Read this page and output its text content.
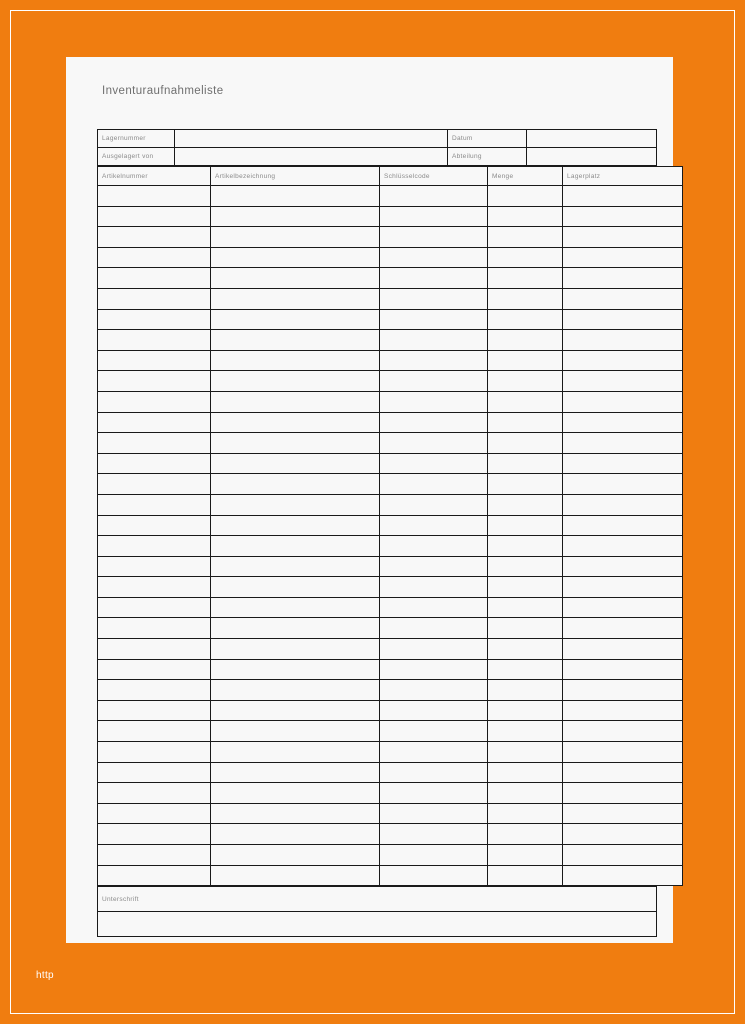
Inventuraufnahmeliste
Lagernummer		Datum	
Ausgelagert von		Abteilung	
Artikelnummer	Artikelbezeichnung	Schlüsselcode	Menge	Lagerplatz

Unterschrift

http
